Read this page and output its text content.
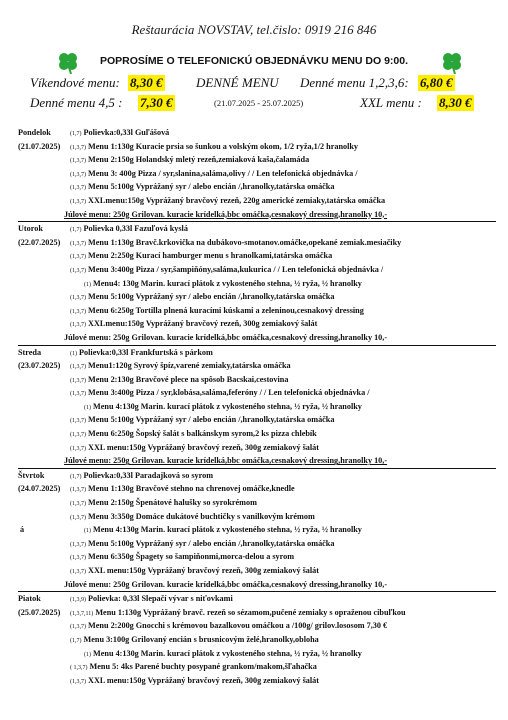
Reštaurácia NOVSTAV, tel.čislo: 0919 216 846
POPROSÍME O TELEFONICKÚ OBJEDNÁVKU MENU DO 9:00.
Víkendové menu: 8,30 €	DENNÉ MENU Denné menu 1,2,3,6: 6,80 €
Denné menu 4,5 : 7,30 €	(21.07.2025 - 25.07.2025)	XXL menu : 8,30 €
Pondelok	(1,7) Polievka:0,33l Guľášová
(21.07.2025) (1,3,7) Menu 1:130g Kuracie prsia so šunkou a volským okom, 1/2 ryža,1/2 hranolky
(1,3,7) Menu 2:150g Holandský mletý rezeň,zemiaková kaša,čalamáda
(1,3,7) Menu 3: 400g Pizza / syr,slanina,saláma,olivy / / Len telefonická objednávka /
(1,3,7) Menu 5:100g Vyprážaný syr / alebo encián /,hranolky,tatárska omáčka
(1,3,7) XXLmenu:150g Vyprážaný bravčový rezeň, 220g americké zemiaky,tatárska omáčka
Júlové menu: 250g Grilovan. kuracie krídelká,bbc omáčka,cesnakový dressing,hranolky 10,-
Utorok	(1,7) Polievka 0,33l Fazuľová kyslá
(22.07.2025) (1,3,7) Menu 1:130g Bravč.krkovička na dubákovo-smotanov.omáčke,opekané zemiak.mesiačiky
(1,3,7) Menu 2:250g Kurací hamburger menu s hranolkami,tatárska omáčka
(1,3,7) Menu 3:400g Pizza / syr,šampiňóny,saláma,kukurica / / Len telefonická objednávka /
(1) Menu4: 130g Marin. kurací plátok z vykosteného stehna, ½ ryža, ½ hranolky
(1,3,7) Menu 5:100g Vyprážaný syr / alebo encián /,hranolky,tatárska omáčka
(1,3,7) Menu 6:250g Tortilla plnená kuracími kúskami a zeleninou,cesnakový dressing
(1,3,7) XXLmenu:150g Vyprážaný bravčový rezeň, 300g zemiakový šalát
Júlové menu: 250g Grilovan. kuracie krídelká,bbc omáčka,cesnakový dressing,hranolky 10,-
Streda	(1) Polievka:0,33l Frankfurtská s párkom
(23.07.2025) (1,3,7) Menu1:120g Syrový špíz,varené zemiaky,tatárska omáčka
(1,3,7) Menu 2:130g Bravčové plece na spôsob Bacskai,cestovina
(1,3,7) Menu 3:400g Pizza / syr,klobása,saláma,feferóny / / Len telefonická objednávka /
(1) Menu 4:130g Marin. kurací plátok z vykosteného stehna, ½ ryža, ½ hranolky
(1,3,7) Menu 5:100g Vyprážaný syr / alebo encián /,hranolky,tatárska omáčka
(1,3,7) Menu 6:250g Šopský šalát s balkánskym syrom,2 ks pizza chlebík
(1,3,7) XXL menu:150g Vyprážaný bravčový rezeň, 300g zemiakový šalát
Júlové menu: 250g Grilovan. kuracie krídelká,bbc omáčka,cesnakový dressing,hranolky 10,-
Štvrtok	(1,7) Polievka:0,33l Paradajková so syrom
(24.07.2025) (1,3,7) Menu 1:130g Bravčové stehno na chrenovej omáčke,knedle
(1,3,7) Menu 2:150g Špenátové halušky so syrokrémom
(1,3,7) Menu 3:350g Domáce dukátové buchtičky s vanilkovým krémom
á	(1) Menu 4:130g Marin. kurací plátok z vykosteného stehna, ½ ryža, ½ hranolky
(1,3,7) Menu 5:100g Vyprážaný syr / alebo encián /,hranolky,tatárska omáčka
(1,3,7) Menu 6:350g Špagety so šampiňonmi,morca-delou a syrom
(1,3,7) XXL menu:150g Vyprážaný bravčový rezeň, 300g zemiakový šalát
Júlové menu: 250g Grilovan. kuracie krídelká,bbc omáčka,cesnakový dressing,hranolky 10,-
Piatok	(1,3,9) Polievka: 0,33l Slepačí vývar s niťovkami
(25.07.2025) (1,3,7,11) Menu 1:130g Vyprážaný bravč. rezeň so sézamom,pučené zemiaky s opraženou cibuľkou
(1,3,7) Menu 2:200g Gnocchi s krémovou bazalkovou omáčkou a /100g/ grilov.lososom 7,30 €
(1,7) Menu 3:100g Grilovaný encián s brusnicovým želé,hranolky,obloha
(1) Menu 4:130g Marin. kurací plátok z vykosteného stehna, ½ ryža, ½ hranolky
( 1,3,7) Menu 5: 4ks Parené buchty posypané grankom/makom,šľahačka
(1,3,7) XXL menu:150g Vyprážaný bravčový rezeň, 300g zemiakový šalát
